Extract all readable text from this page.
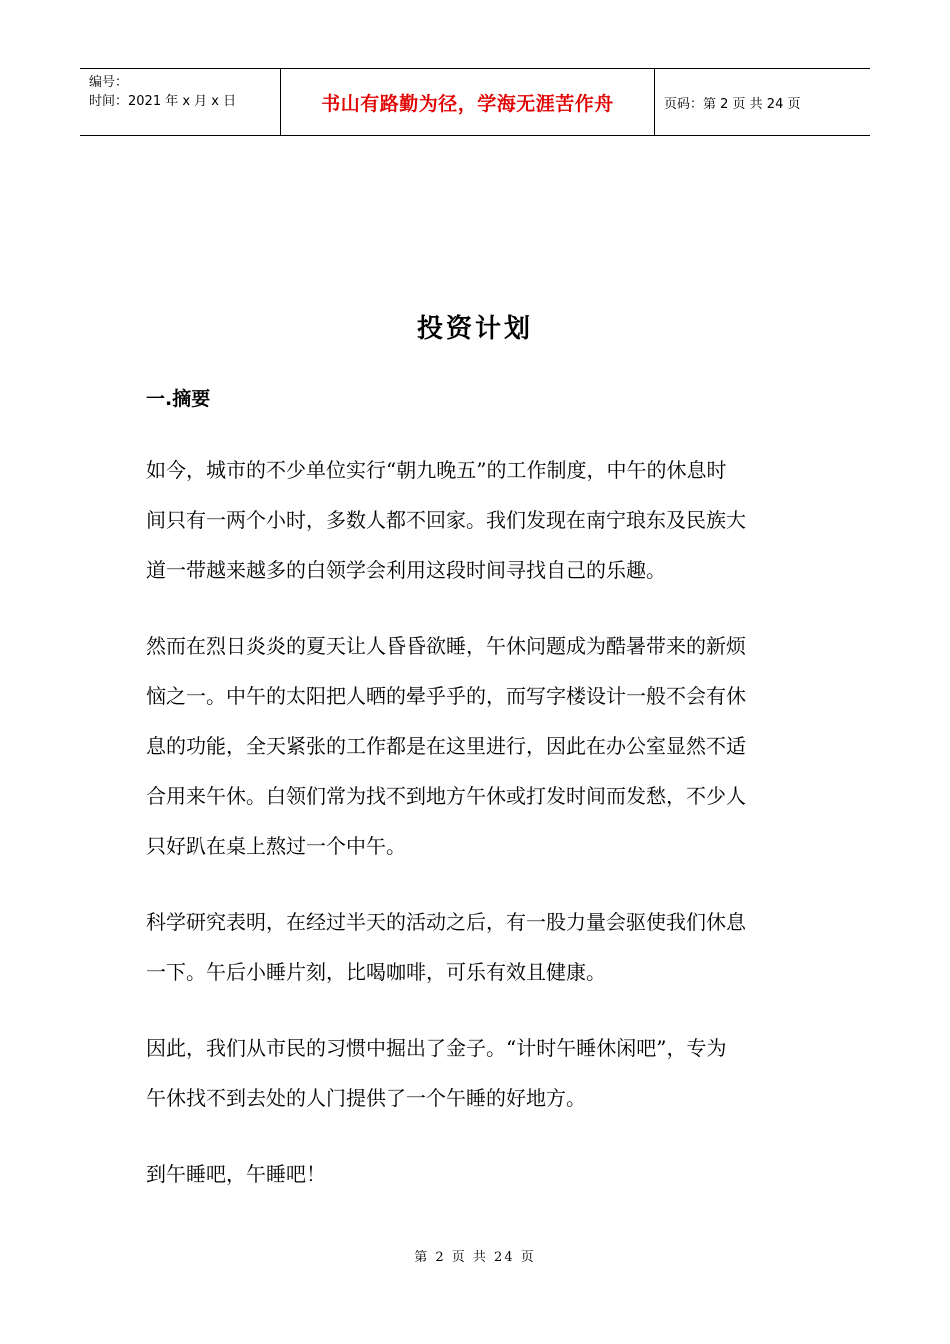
编号：
时间：2021 年 x 月 x 日	书山有路勤为径，学海无涯苦作舟	页码：第 2 页 共 24 页
投资计划
一.摘要

如今，城市的不少单位实行“朝九晚五”的工作制度，中午的休息时
间只有一两个小时，多数人都不回家。我们发现在南宁琅东及民族大
道一带越来越多的白领学会利用这段时间寻找自己的乐趣。

然而在烈日炎炎的夏天让人昏昏欲睡，午休问题成为酷暑带来的新烦
恼之一。中午的太阳把人晒的晕乎乎的，而写字楼设计一般不会有休
息的功能，全天紧张的工作都是在这里进行，因此在办公室显然不适
合用来午休。白领们常为找不到地方午休或打发时间而发愁，不少人
只好趴在桌上熬过一个中午。

科学研究表明，在经过半天的活动之后，有一股力量会驱使我们休息
一下。午后小睡片刻，比喝咖啡，可乐有效且健康。

因此，我们从市民的习惯中掘出了金子。“计时午睡休闲吧”，专为
午休找不到去处的人门提供了一个午睡的好地方。

到午睡吧，午睡吧！

第 2 页 共 24 页
